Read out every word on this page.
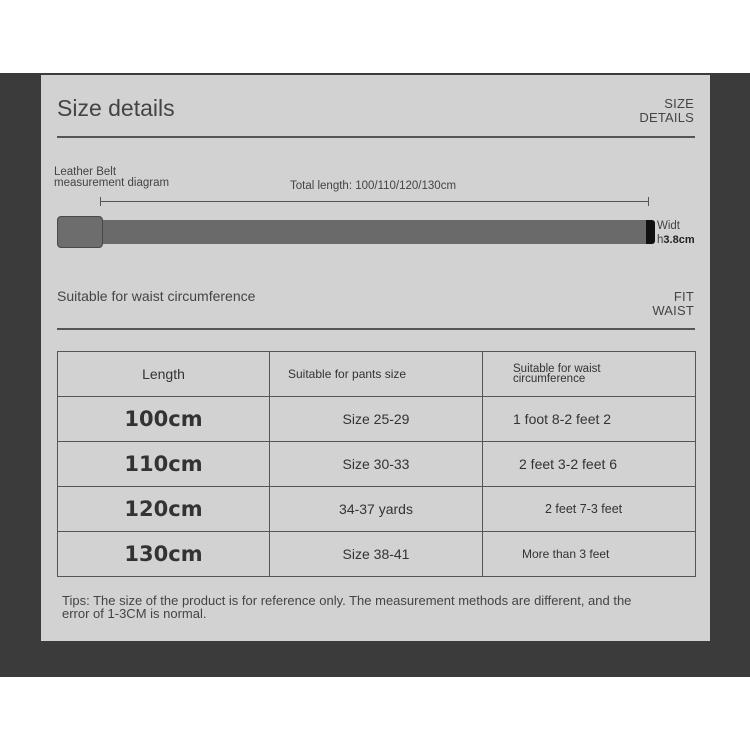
Size details	SIZE
DETAILS
Leather Belt
measurement diagram	Total length: 100/110/120/130cm
Widt
h3.8cm
Suitable for waist circumference	FIT
WAIST
Length	Suitable for pants size	Suitable for waist
circumference

100cm	Size 25-29	1 foot 8-2 feet 2
110cm	Size 30-33	2 feet 3-2 feet 6
120cm	34-37 yards	2 feet 7-3 feet
130cm	Size 38-41	More than 3 feet
Tips: The size of the product is for reference only. The measurement methods are different, and the
error of 1-3CM is normal.
